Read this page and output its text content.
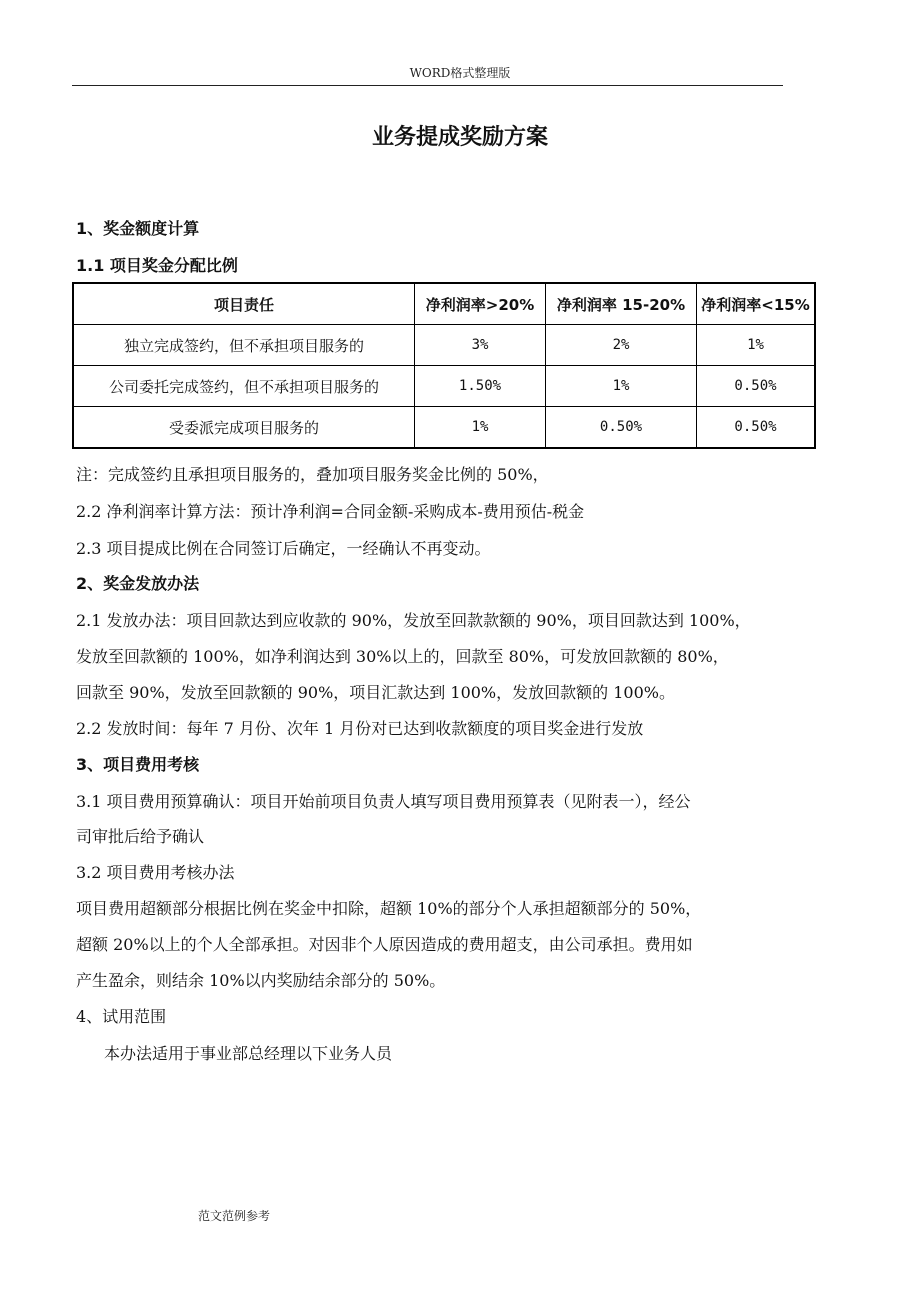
WORD格式整理版
业务提成奖励方案
1、奖金额度计算
1.1 项目奖金分配比例
项目责任	净利润率>20%	净利润率 15-20%	净利润率<15%
独立完成签约，但不承担项目服务的	3%	2%	1%
公司委托完成签约，但不承担项目服务的	1.50%	1%	0.50%
受委派完成项目服务的	1%	0.50%	0.50%
注：完成签约且承担项目服务的，叠加项目服务奖金比例的 50%，
2.2 净利润率计算方法：预计净利润=合同金额-采购成本-费用预估-税金
2.3 项目提成比例在合同签订后确定，一经确认不再变动。
2、奖金发放办法
2.1 发放办法：项目回款达到应收款的 90%，发放至回款款额的 90%，项目回款达到 100%，
发放至回款额的 100%，如净利润达到 30%以上的，回款至 80%，可发放回款额的 80%，
回款至 90%，发放至回款额的 90%，项目汇款达到 100%，发放回款额的 100%。
2.2 发放时间：每年 7 月份、次年 1 月份对已达到收款额度的项目奖金进行发放
3、项目费用考核
3.1 项目费用预算确认：项目开始前项目负责人填写项目费用预算表（见附表一），经公
司审批后给予确认
3.2 项目费用考核办法
项目费用超额部分根据比例在奖金中扣除，超额 10%的部分个人承担超额部分的 50%，
超额 20%以上的个人全部承担。对因非个人原因造成的费用超支，由公司承担。费用如
产生盈余，则结余 10%以内奖励结余部分的 50%。
4、试用范围
本办法适用于事业部总经理以下业务人员
范文范例参考
